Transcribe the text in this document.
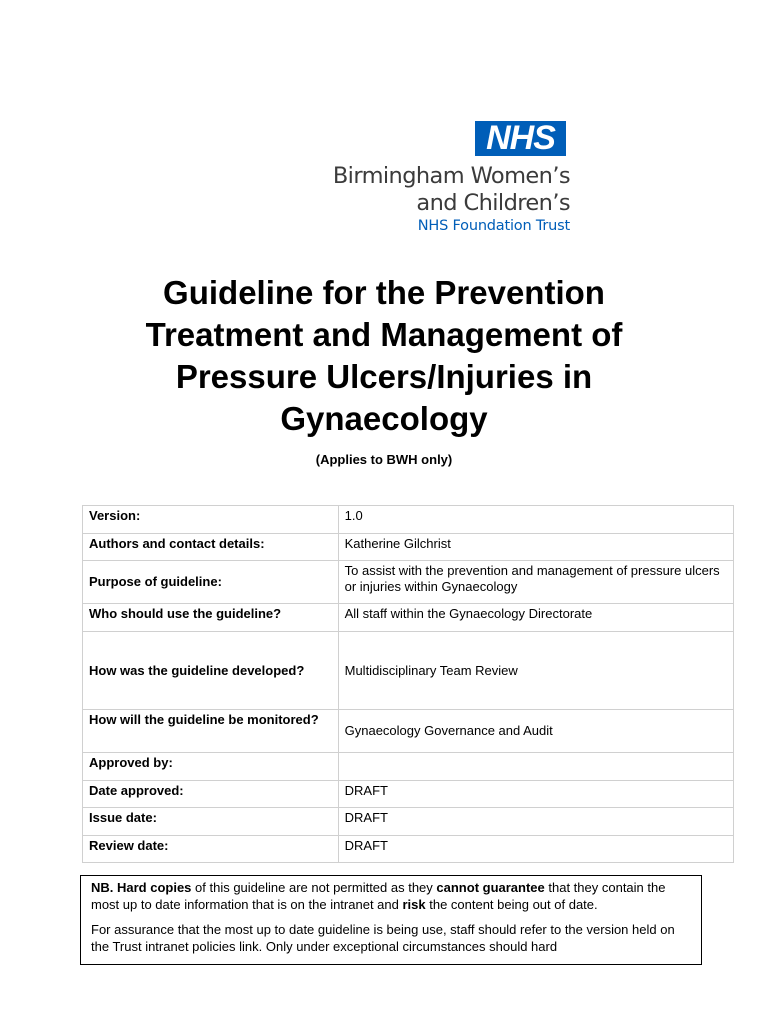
NHS
Birmingham Women’s
and Children’s
NHS Foundation Trust
Guideline for the Prevention Treatment and Management of Pressure Ulcers/Injuries in Gynaecology
(Applies to BWH only)
Version:	1.0
Authors and contact details:	Katherine Gilchrist
Purpose of guideline:	To assist with the prevention and management of pressure ulcers or injuries within Gynaecology
Who should use the guideline?	All staff within the Gynaecology Directorate
How was the guideline developed?	Multidisciplinary Team Review
How will the guideline be monitored?	Gynaecology Governance and Audit
Approved by:	
Date approved:	DRAFT
Issue date:	DRAFT
Review date:	DRAFT

NB. Hard copies of this guideline are not permitted as they cannot guarantee that they contain the most up to date information that is on the intranet and risk the content being out of date.

For assurance that the most up to date guideline is being use, staff should refer to the version held on the Trust intranet policies link. Only under exceptional circumstances should hard
